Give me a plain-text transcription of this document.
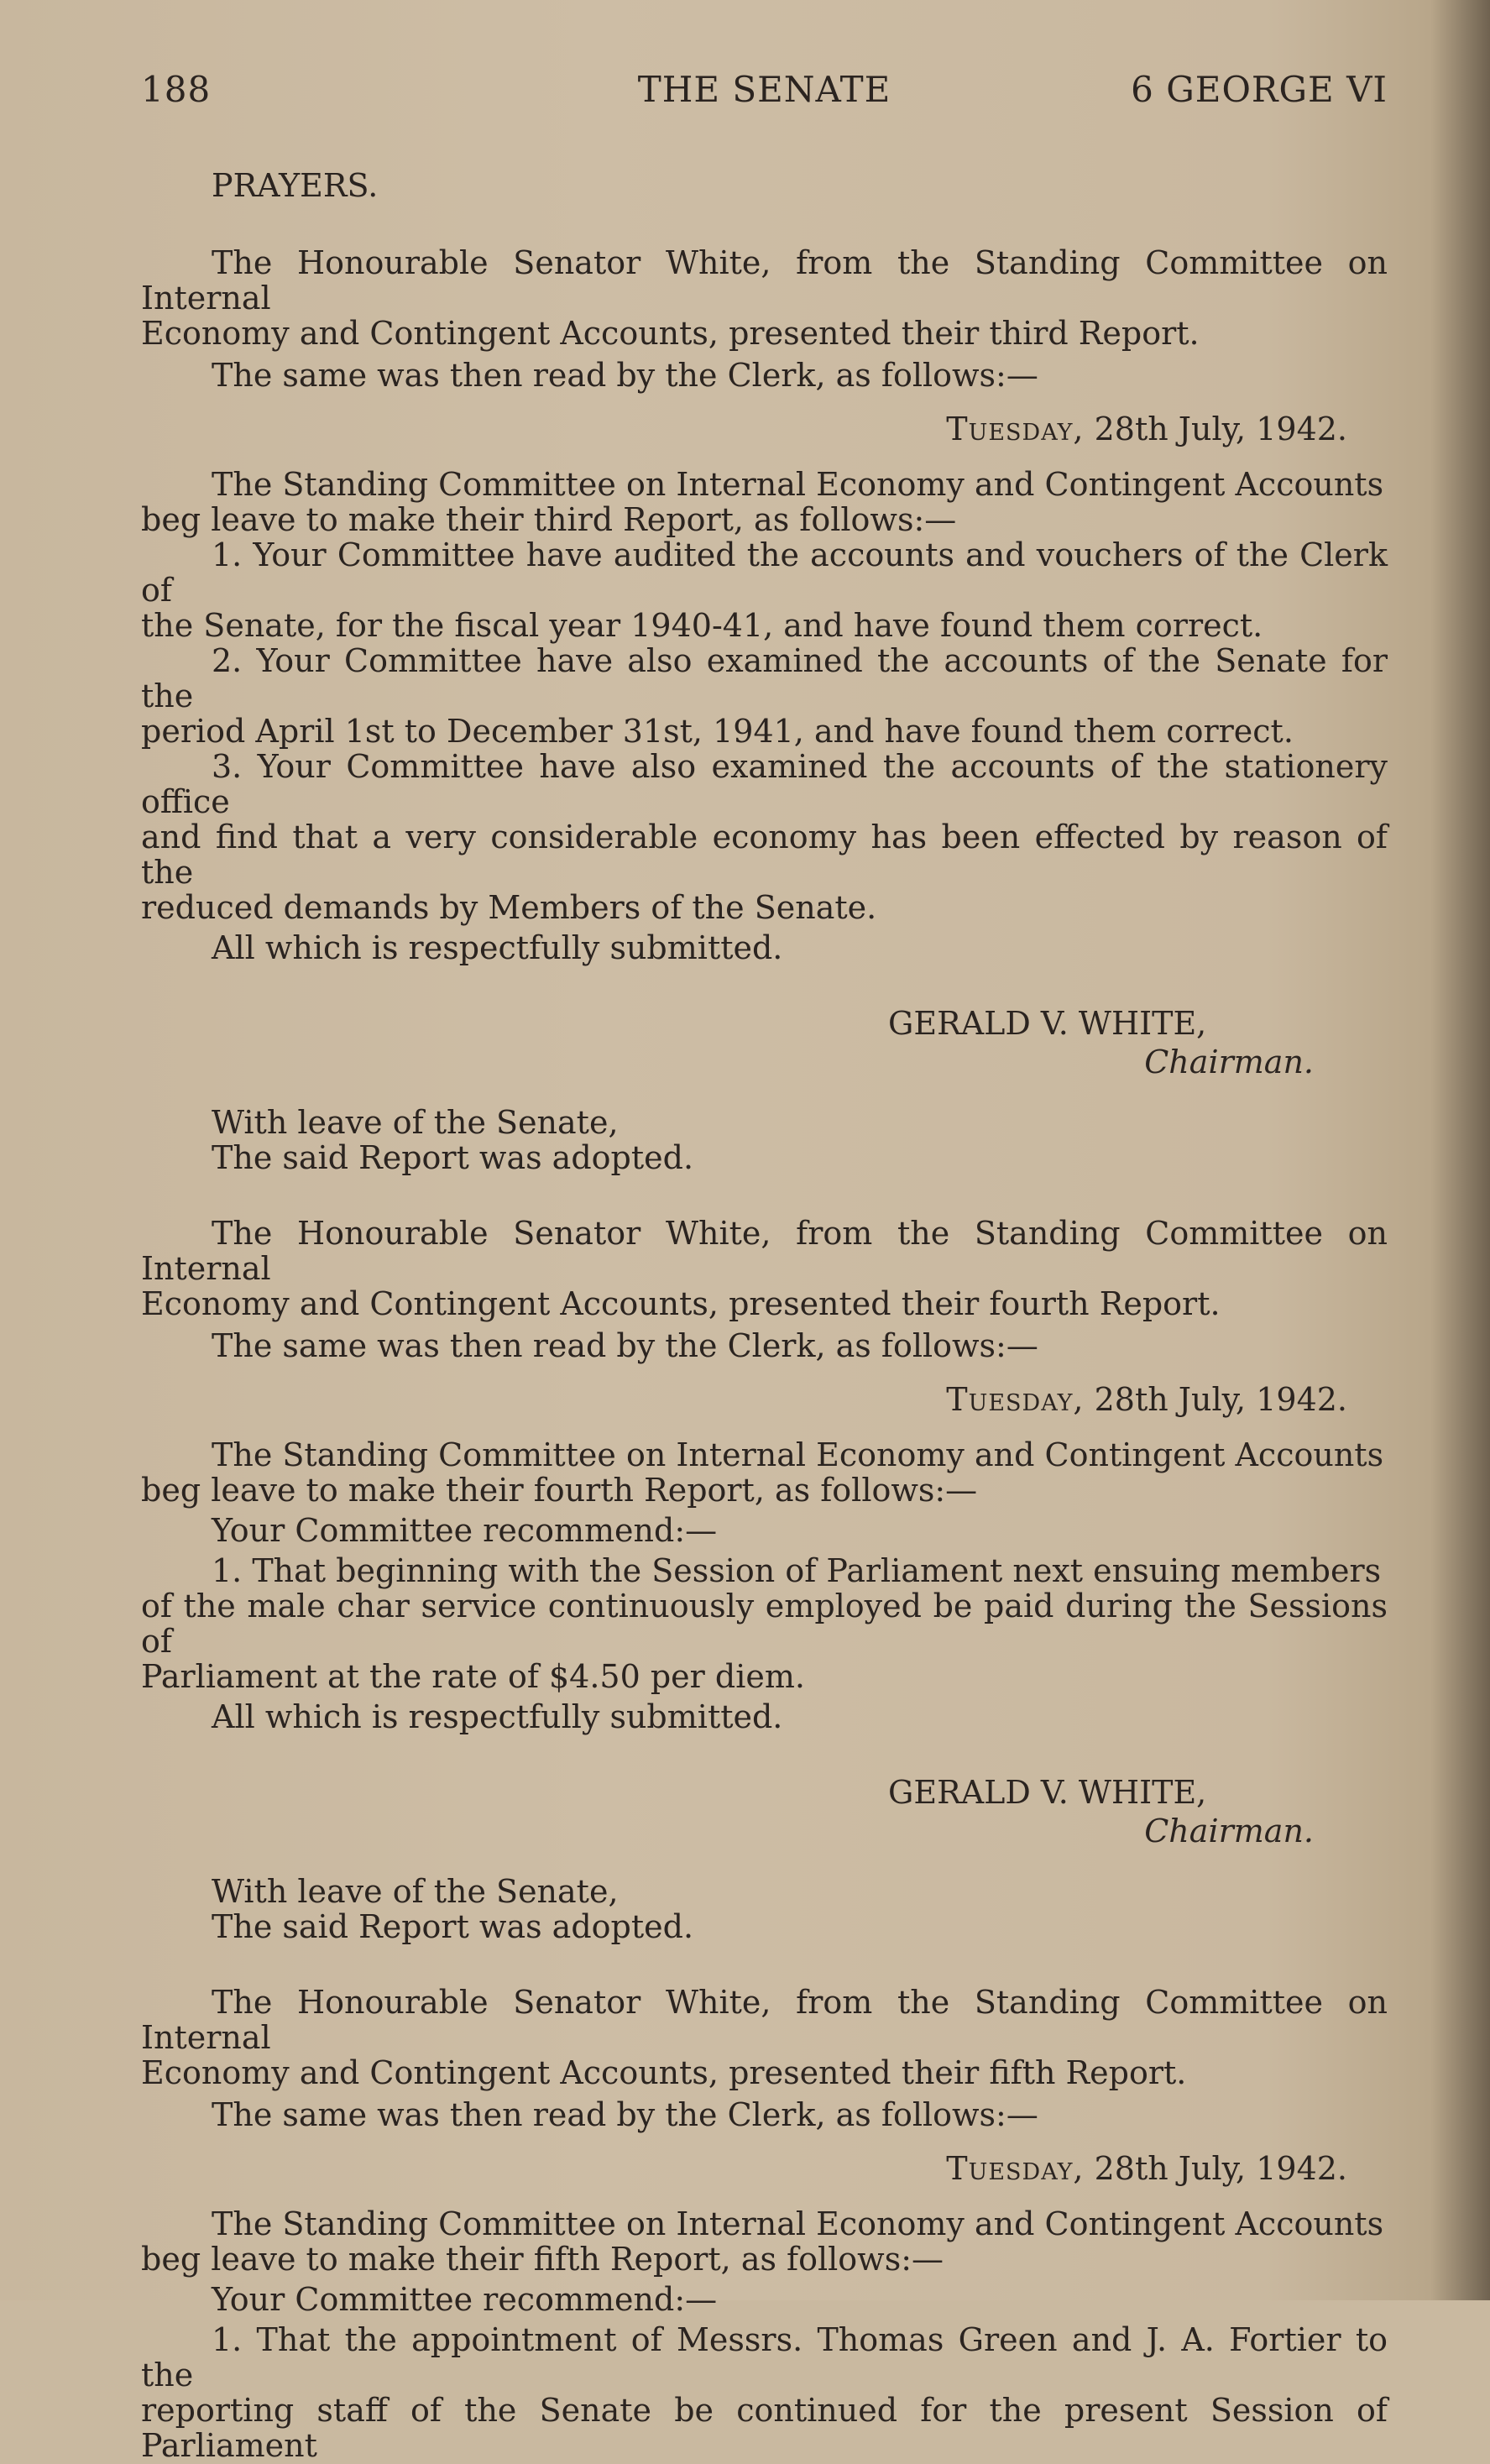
188	THE SENATE	6 GEORGE VI

PRAYERS.

The Honourable Senator White, from the Standing Committee on Internal

Economy and Contingent Accounts, presented their third Report.

The same was then read by the Clerk, as follows:—

Tuesday, 28th July, 1942.

The Standing Committee on Internal Economy and Contingent Accounts

beg leave to make their third Report, as follows:—

1. Your Committee have audited the accounts and vouchers of the Clerk of

the Senate, for the fiscal year 1940-41, and have found them correct.

2. Your Committee have also examined the accounts of the Senate for the

period April 1st to December 31st, 1941, and have found them correct.

3. Your Committee have also examined the accounts of the stationery office

and find that a very considerable economy has been effected by reason of the

reduced demands by Members of the Senate.

All which is respectfully submitted.

GERALD V. WHITE,

Chairman.

With leave of the Senate,

The said Report was adopted.

The Honourable Senator White, from the Standing Committee on Internal

Economy and Contingent Accounts, presented their fourth Report.

The same was then read by the Clerk, as follows:—

Tuesday, 28th July, 1942.

The Standing Committee on Internal Economy and Contingent Accounts

beg leave to make their fourth Report, as follows:—

Your Committee recommend:—

1. That beginning with the Session of Parliament next ensuing members

of the male char service continuously employed be paid during the Sessions of

Parliament at the rate of $4.50 per diem.

All which is respectfully submitted.

GERALD V. WHITE,

Chairman.

With leave of the Senate,

The said Report was adopted.

The Honourable Senator White, from the Standing Committee on Internal

Economy and Contingent Accounts, presented their fifth Report.

The same was then read by the Clerk, as follows:—

Tuesday, 28th July, 1942.

The Standing Committee on Internal Economy and Contingent Accounts

beg leave to make their fifth Report, as follows:—

Your Committee recommend:—

1. That the appointment of Messrs. Thomas Green and J. A. Fortier to the

reporting staff of the Senate be continued for the present Session of Parliament
